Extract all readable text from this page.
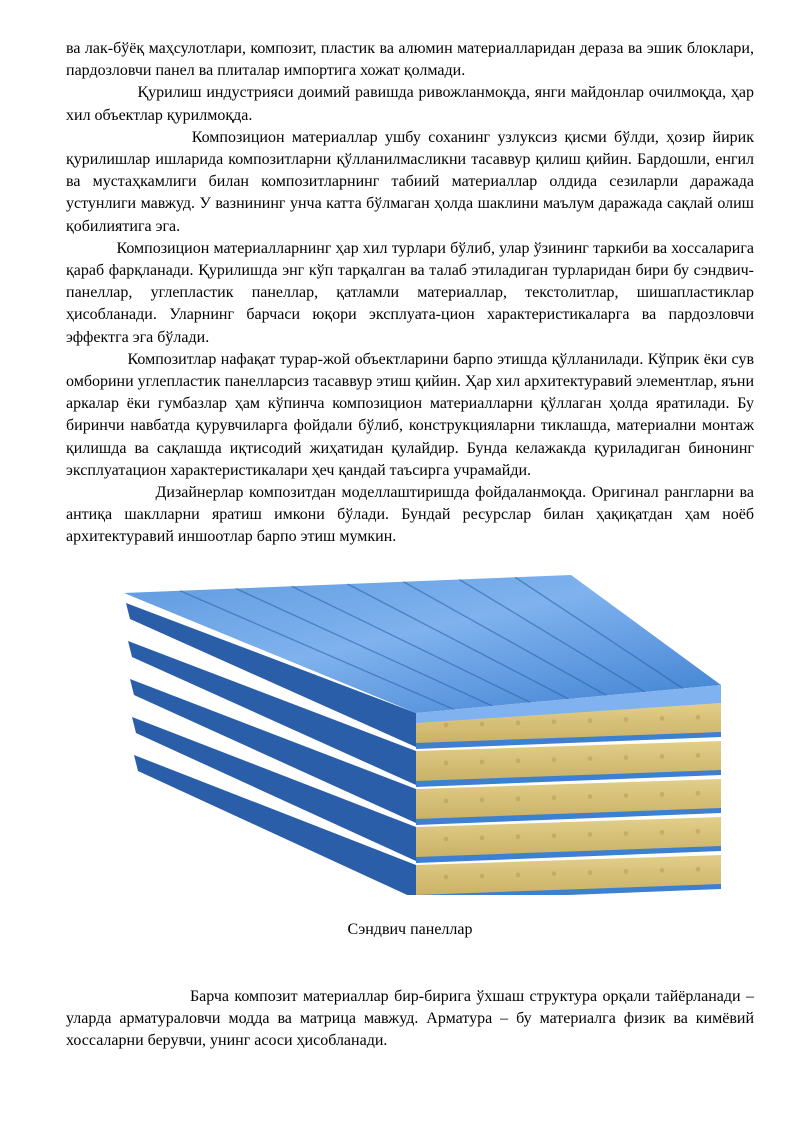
ва лак-бўёқ маҳсулотлари, композит, пластик ва алюмин материалларидан дераза ва эшик блоклари, пардозловчи панел ва плиталар импортига хожат қолмади.

Қурилиш индустрияси доимий равишда ривожланмоқда, янги майдонлар очилмоқда, ҳар хил объектлар қурилмоқда.

Композицион материаллар ушбу соханинг узлуксиз қисми бўлди, ҳозир йирик қурилишлар ишларида композитларни қўлланилмасликни тасаввур қилиш қийин. Бардошли, енгил ва мустаҳкамлиги билан композитларнинг табиий материаллар олдида сезиларли даражада устунлиги мавжуд. У вазнининг унча катта бўлмаган ҳолда шаклини маълум даражада сақлай олиш қобилиятига эга.

Композицион материалларнинг ҳар хил турлари бўлиб, улар ўзининг таркиби ва хоссаларига қараб фарқланади. Қурилишда энг кўп тарқалган ва талаб этиладиган турларидан бири бу сэндвич-панеллар, углепластик панеллар, қатламли материаллар, текстолитлар, шишапластиклар ҳисобланади. Уларнинг барчаси юқори эксплуата-цион характеристикаларга ва пардозловчи эффектга эга бўлади.

Композитлар нафақат турар-жой объектларини барпо этишда қўлланилади. Кўприк ёки сув омборини углепластик панелларсиз тасаввур этиш қийин. Ҳар хил архитектуравий элементлар, яъни аркалар ёки гумбазлар ҳам кўпинча композицион материалларни қўллаган ҳолда яратилади. Бу биринчи навбатда қурувчиларга фойдали бўлиб, конструкцияларни тиклашда, материални монтаж қилишда ва сақлашда иқтисодий жиҳатидан қулайдир. Бунда келажакда қуриладиган бинонинг эксплуатацион характеристикалари ҳеч қандай таъсирга учрамайди.

Дизайнерлар композитдан моделлаштиришда фойдаланмоқда. Оригинал рангларни ва антиқа шаклларни яратиш имкони бўлади. Бундай ресурслар билан ҳақиқатдан ҳам ноёб архитектуравий иншоотлар барпо этиш мумкин.

Сэндвич панеллар

Барча композит материаллар бир-бирига ўхшаш структура орқали тайёрланади – уларда арматураловчи модда ва матрица мавжуд. Арматура – бу материалга физик ва кимёвий хоссаларни берувчи, унинг асоси ҳисобланади.
